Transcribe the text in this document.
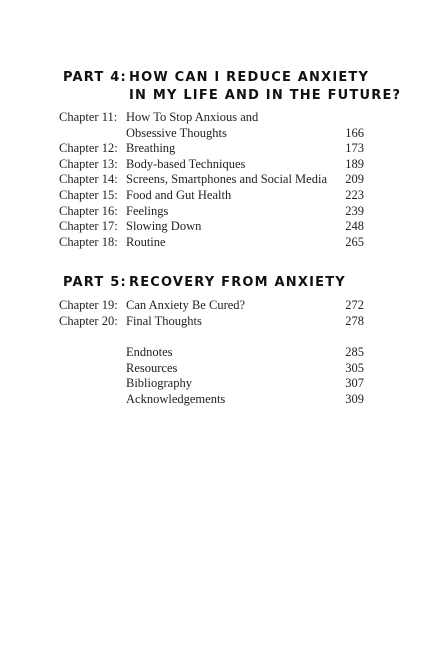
PART 4: HOW CAN I REDUCE ANXIETY
IN MY LIFE AND IN THE FUTURE?
Chapter 11: How To Stop Anxious and
Obsessive Thoughts	166
Chapter 12: Breathing	173
Chapter 13: Body-based Techniques	189
Chapter 14: Screens, Smartphones and Social Media 209
Chapter 15: Food and Gut Health	223
Chapter 16: Feelings	239
Chapter 17: Slowing Down	248
Chapter 18: Routine	265
PART 5: RECOVERY FROM ANXIETY
Chapter 19: Can Anxiety Be Cured?	272
Chapter 20: Final Thoughts	278
Endnotes	285
Resources	305
Bibliography	307
Acknowledgements	309
